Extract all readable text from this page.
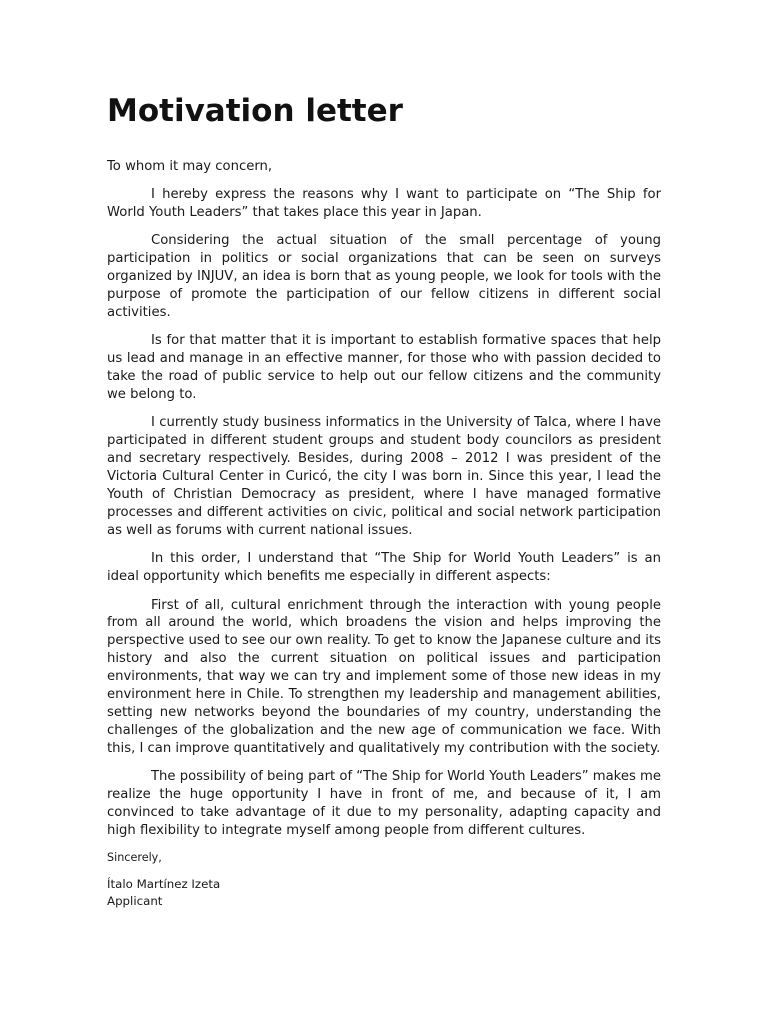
Motivation letter

To whom it may concern,

I hereby express the reasons why I want to participate on “The Ship for World Youth Leaders” that takes place this year in Japan.

Considering the actual situation of the small percentage of young participation in politics or social organizations that can be seen on surveys organized by INJUV, an idea is born that as young people, we look for tools with the purpose of promote the participation of our fellow citizens in different social activities.

Is for that matter that it is important to establish formative spaces that help us lead and manage in an effective manner, for those who with passion decided to take the road of public service to help out our fellow citizens and the community we belong to.

I currently study business informatics in the University of Talca, where I have participated in different student groups and student body councilors as president and secretary respectively. Besides, during 2008 – 2012 I was president of the Victoria Cultural Center in Curicó, the city I was born in. Since this year, I lead the Youth of Christian Democracy as president, where I have managed formative processes and different activities on civic, political and social network participation as well as forums with current national issues.

In this order, I understand that “The Ship for World Youth Leaders” is an ideal opportunity which benefits me especially in different aspects:

First of all, cultural enrichment through the interaction with young people from all around the world, which broadens the vision and helps improving the perspective used to see our own reality. To get to know the Japanese culture and its history and also the current situation on political issues and participation environments, that way we can try and implement some of those new ideas in my environment here in Chile. To strengthen my leadership and management abilities, setting new networks beyond the boundaries of my country, understanding the challenges of the globalization and the new age of communication we face. With this, I can improve quantitatively and qualitatively my contribution with the society.

The possibility of being part of “The Ship for World Youth Leaders” makes me realize the huge opportunity I have in front of me, and because of it, I am convinced to take advantage of it due to my personality, adapting capacity and high flexibility to integrate myself among people from different cultures.

Sincerely,

Ítalo Martínez Izeta

Applicant
